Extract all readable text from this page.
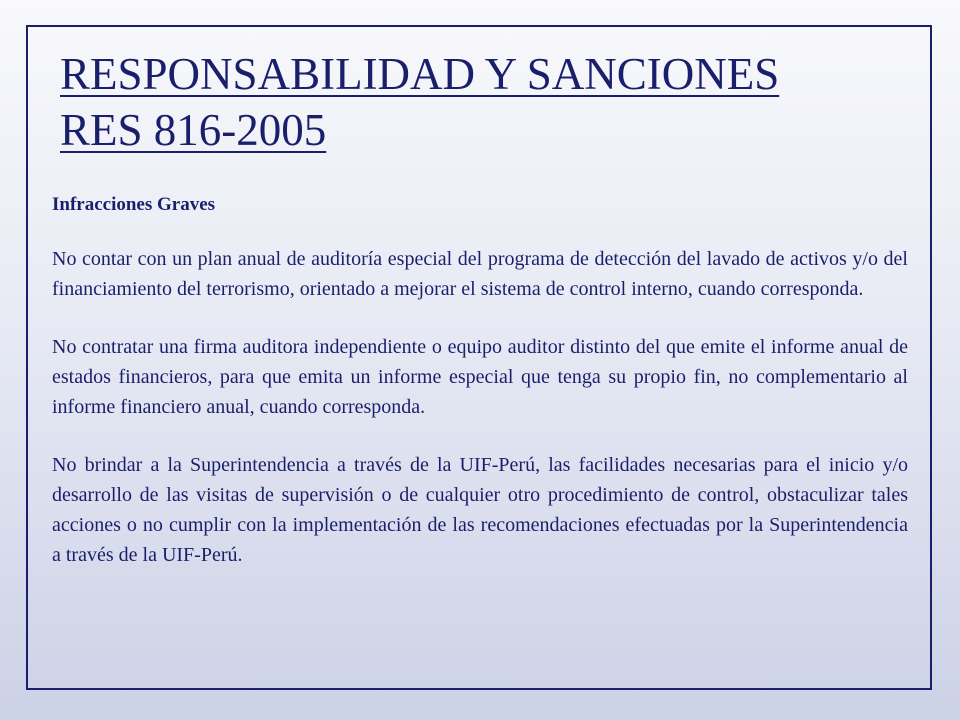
RESPONSABILIDAD Y SANCIONES
RES 816-2005

Infracciones Graves

No contar con un plan anual de auditoría especial del programa de detección del lavado de activos y/o del financiamiento del terrorismo, orientado a mejorar el sistema de control interno, cuando corresponda.

No contratar una firma auditora independiente o equipo auditor distinto del que emite el informe anual de estados financieros, para que emita un informe especial que tenga su propio fin, no complementario al informe financiero anual, cuando corresponda.

No brindar a la Superintendencia a través de la UIF-Perú, las facilidades necesarias para el inicio y/o desarrollo de las visitas de supervisión o de cualquier otro procedimiento de control, obstaculizar tales acciones o no cumplir con la implementación de las recomendaciones efectuadas por la Superintendencia a través de la UIF-Perú.
